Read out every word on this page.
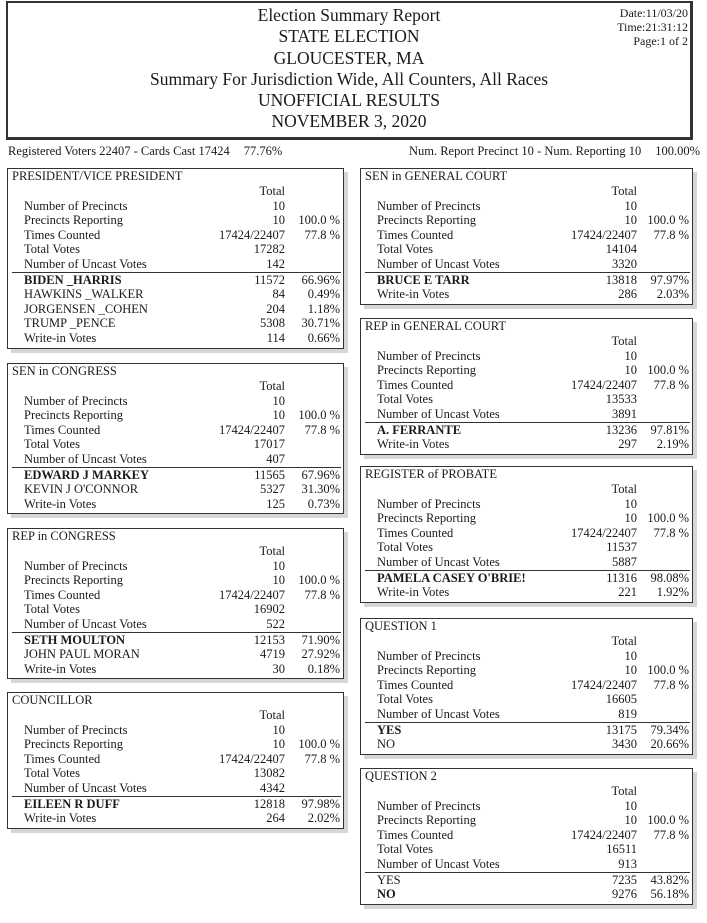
Election Summary Report
STATE ELECTION
GLOUCESTER, MA
Summary For Jurisdiction Wide, All Counters, All Races
UNOFFICIAL RESULTS
NOVEMBER 3, 2020
Date:11/03/20
Time:21:31:12
Page:1 of 2
Registered Voters 22407 - Cards Cast 17424 77.76%	Num. Report Precinct 10 - Num. Reporting 10 100.00%
PRESIDENT/VICE PRESIDENT
Total
Number of Precincts	10
Precincts Reporting	10 100.0 %
Times Counted	17424/22407 77.8 %
Total Votes	17282
Number of Uncast Votes	142
BIDEN _HARRIS	11572 66.96%
HAWKINS _WALKER	84 0.49%
JORGENSEN _COHEN	204 1.18%
TRUMP _PENCE	5308 30.71%
Write-in Votes	114 0.66%
SEN in CONGRESS
Total
Number of Precincts	10
Precincts Reporting	10 100.0 %
Times Counted	17424/22407 77.8 %
Total Votes	17017
Number of Uncast Votes	407
EDWARD J MARKEY	11565 67.96%
KEVIN J O'CONNOR	5327 31.30%
Write-in Votes	125 0.73%
REP in CONGRESS
Total
Number of Precincts	10
Precincts Reporting	10 100.0 %
Times Counted	17424/22407 77.8 %
Total Votes	16902
Number of Uncast Votes	522
SETH MOULTON	12153 71.90%
JOHN PAUL MORAN	4719 27.92%
Write-in Votes	30 0.18%
COUNCILLOR
Total
Number of Precincts	10
Precincts Reporting	10 100.0 %
Times Counted	17424/22407 77.8 %
Total Votes	13082
Number of Uncast Votes	4342
EILEEN R DUFF	12818 97.98%
Write-in Votes	264 2.02%
SEN in GENERAL COURT
Total
Number of Precincts	10
Precincts Reporting	10 100.0 %
Times Counted	17424/22407 77.8 %
Total Votes	14104
Number of Uncast Votes	3320
BRUCE E TARR	13818 97.97%
Write-in Votes	286 2.03%
REP in GENERAL COURT
Total
Number of Precincts	10
Precincts Reporting	10 100.0 %
Times Counted	17424/22407 77.8 %
Total Votes	13533
Number of Uncast Votes	3891
A. FERRANTE	13236 97.81%
Write-in Votes	297 2.19%
REGISTER of PROBATE
Total
Number of Precincts	10
Precincts Reporting	10 100.0 %
Times Counted	17424/22407 77.8 %
Total Votes	11537
Number of Uncast Votes	5887
PAMELA CASEY O'BRIE!	11316 98.08%
Write-in Votes	221 1.92%
QUESTION 1
Total
Number of Precincts	10
Precincts Reporting	10 100.0 %
Times Counted	17424/22407 77.8 %
Total Votes	16605
Number of Uncast Votes	819
YES	13175 79.34%
NO	3430 20.66%
QUESTION 2
Total
Number of Precincts	10
Precincts Reporting	10 100.0 %
Times Counted	17424/22407 77.8 %
Total Votes	16511
Number of Uncast Votes	913
YES	7235 43.82%
NO	9276 56.18%
